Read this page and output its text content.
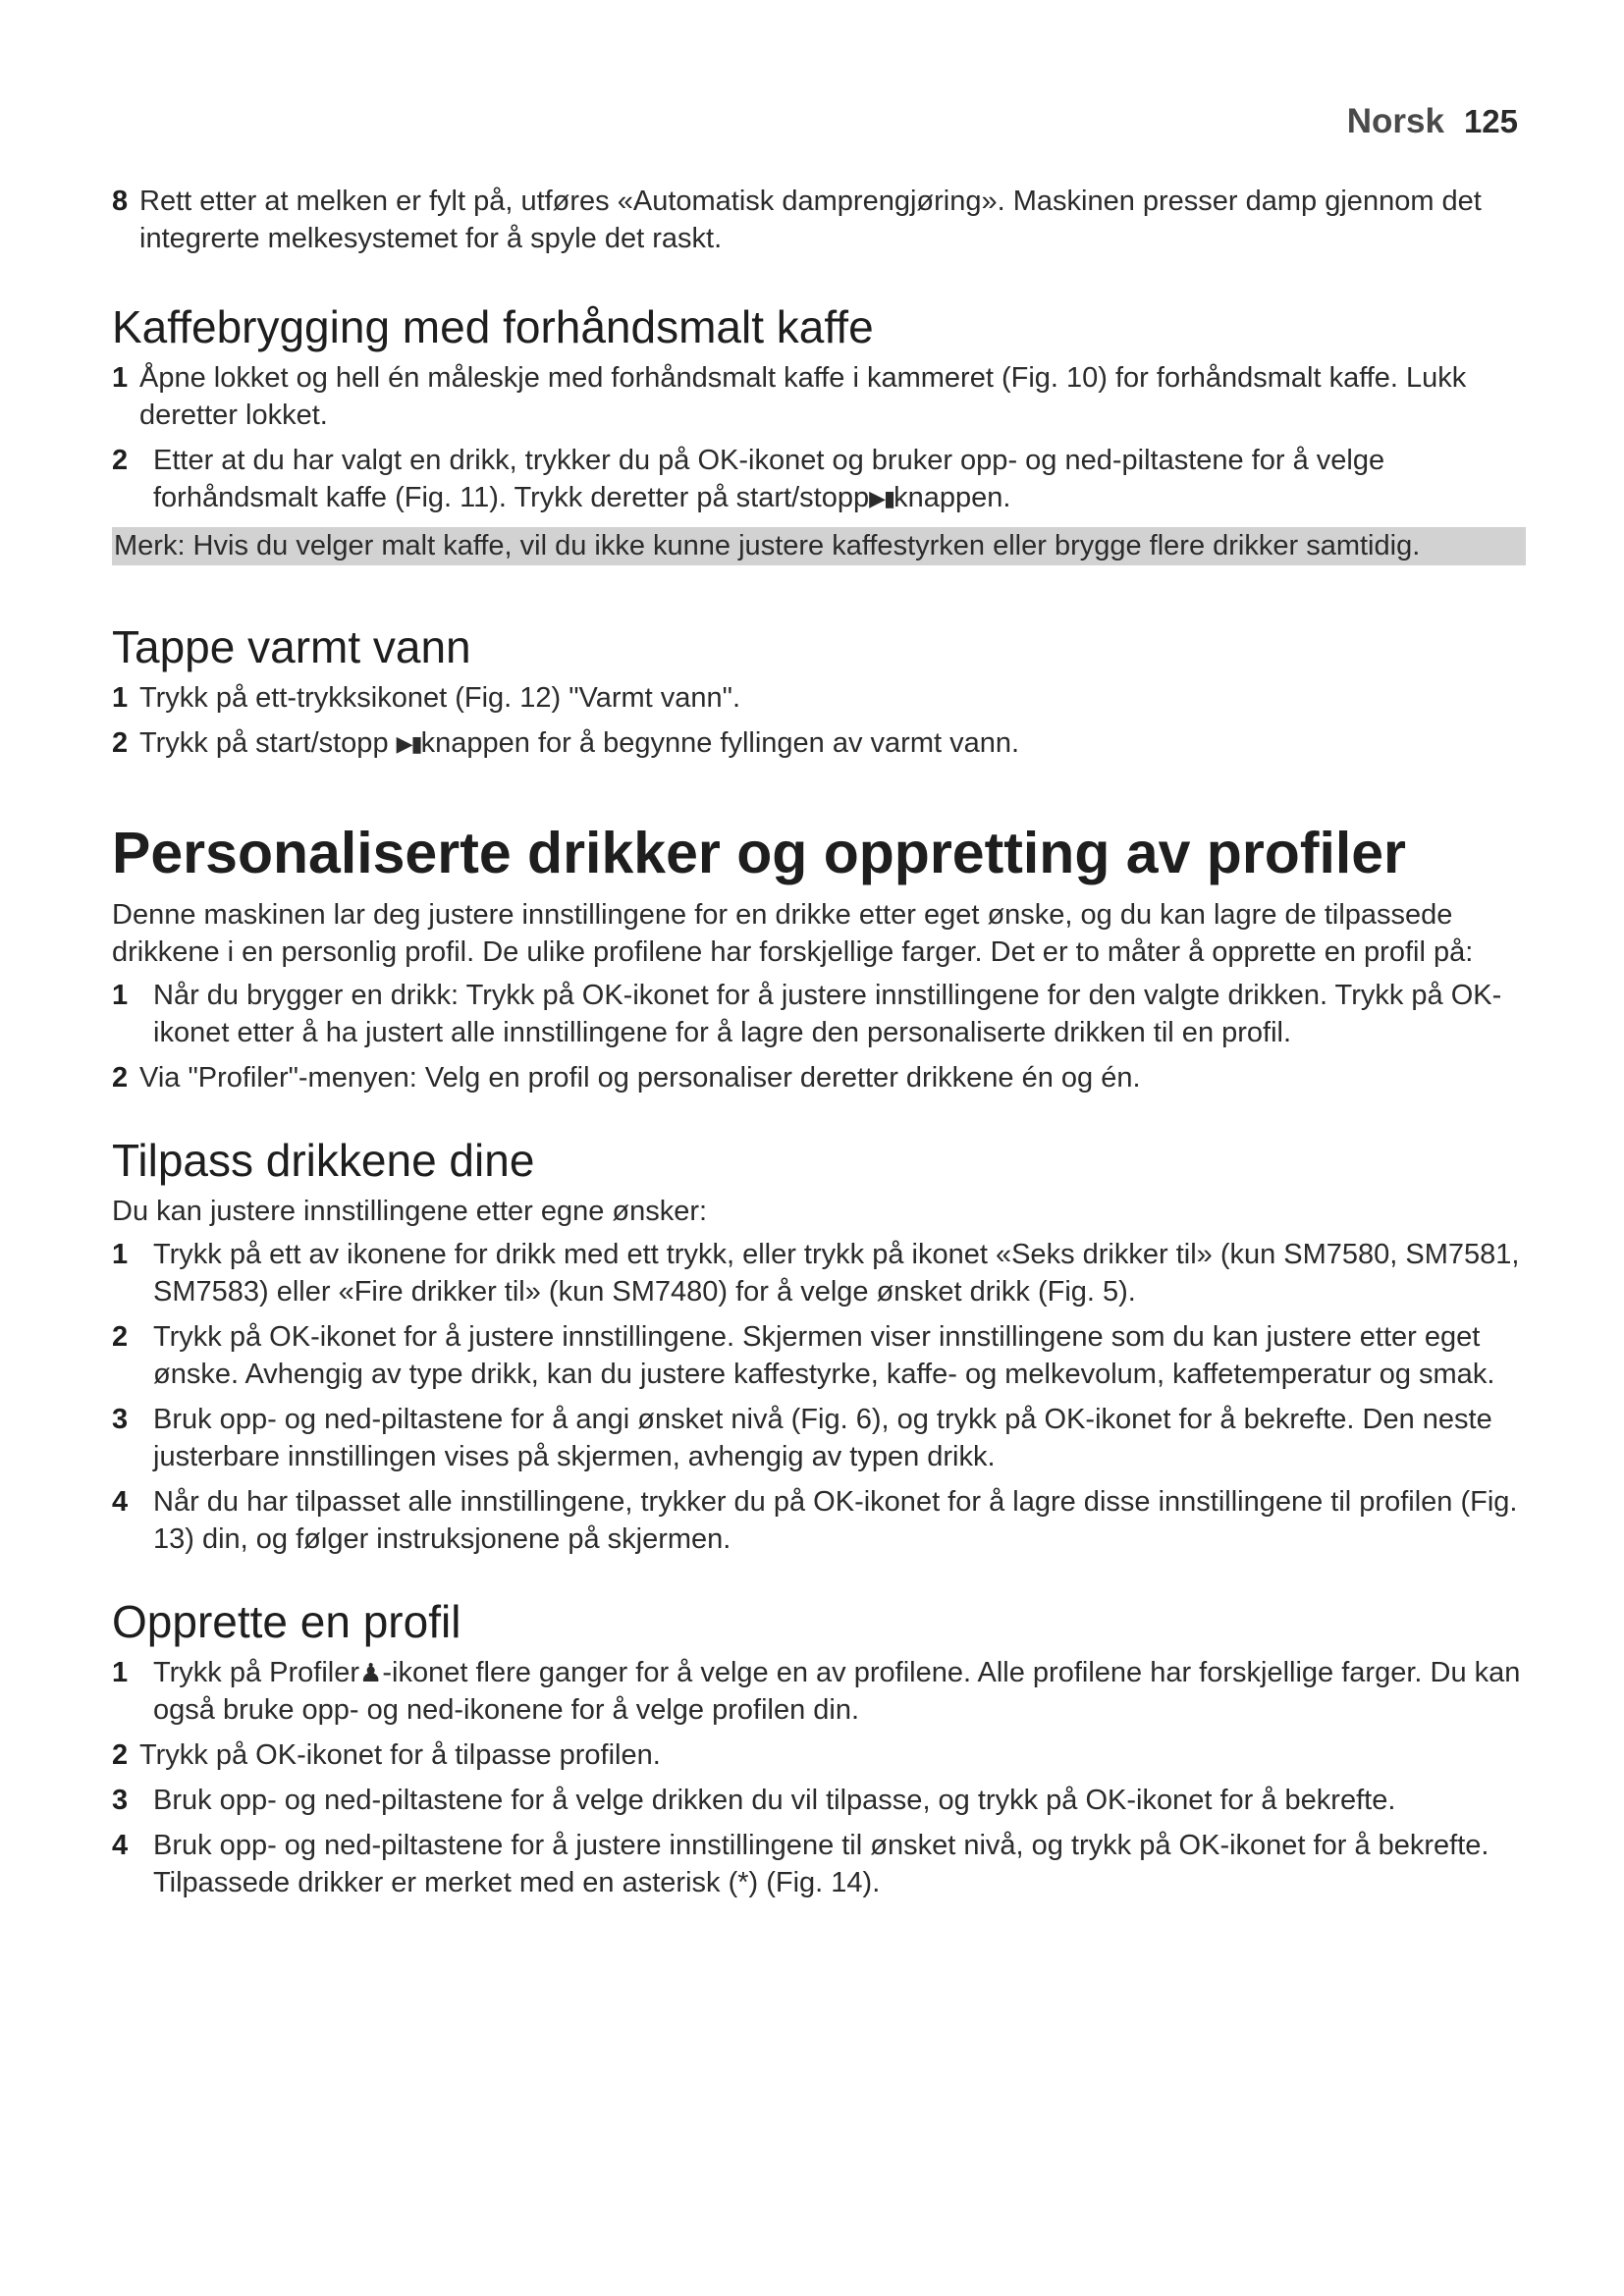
Norsk 125
8 Rett etter at melken er fylt på, utføres «Automatisk damprengjøring». Maskinen presser damp gjennom det integrerte melkesystemet for å spyle det raskt.
Kaffebrygging med forhåndsmalt kaffe
1 Åpne lokket og hell én måleskje med forhåndsmalt kaffe i kammeret (Fig. 10) for forhåndsmalt kaffe. Lukk deretter lokket.
2 Etter at du har valgt en drikk, trykker du på OK-ikonet og bruker opp- og ned-piltastene for å velge forhåndsmalt kaffe (Fig. 11). Trykk deretter på start/stopp▶▮knappen.
Merk: Hvis du velger malt kaffe, vil du ikke kunne justere kaffestyrken eller brygge flere drikker samtidig.
Tappe varmt vann
1 Trykk på ett-trykksikonet (Fig. 12) "Varmt vann".
2 Trykk på start/stopp ▶▮knappen for å begynne fyllingen av varmt vann.
Personaliserte drikker og oppretting av profiler

Denne maskinen lar deg justere innstillingene for en drikke etter eget ønske, og du kan lagre de tilpassede drikkene i en personlig profil. De ulike profilene har forskjellige farger. Det er to måter å opprette en profil på:

1 Når du brygger en drikk: Trykk på OK-ikonet for å justere innstillingene for den valgte drikken. Trykk på OK-ikonet etter å ha justert alle innstillingene for å lagre den personaliserte drikken til en profil.
2 Via "Profiler"-menyen: Velg en profil og personaliser deretter drikkene én og én.
Tilpass drikkene dine

Du kan justere innstillingene etter egne ønsker:

1 Trykk på ett av ikonene for drikk med ett trykk, eller trykk på ikonet «Seks drikker til» (kun SM7580, SM7581, SM7583) eller «Fire drikker til» (kun SM7480) for å velge ønsket drikk (Fig. 5).
2 Trykk på OK-ikonet for å justere innstillingene. Skjermen viser innstillingene som du kan justere etter eget ønske. Avhengig av type drikk, kan du justere kaffestyrke, kaffe- og melkevolum, kaffetemperatur og smak.
3 Bruk opp- og ned-piltastene for å angi ønsket nivå (Fig. 6), og trykk på OK-ikonet for å bekrefte. Den neste justerbare innstillingen vises på skjermen, avhengig av typen drikk.
4 Når du har tilpasset alle innstillingene, trykker du på OK-ikonet for å lagre disse innstillingene til profilen (Fig. 13) din, og følger instruksjonene på skjermen.
Opprette en profil
1 Trykk på Profiler♟-ikonet flere ganger for å velge en av profilene. Alle profilene har forskjellige farger. Du kan også bruke opp- og ned-ikonene for å velge profilen din.
2 Trykk på OK-ikonet for å tilpasse profilen.
3 Bruk opp- og ned-piltastene for å velge drikken du vil tilpasse, og trykk på OK-ikonet for å bekrefte.
4 Bruk opp- og ned-piltastene for å justere innstillingene til ønsket nivå, og trykk på OK-ikonet for å bekrefte. Tilpassede drikker er merket med en asterisk (*) (Fig. 14).
